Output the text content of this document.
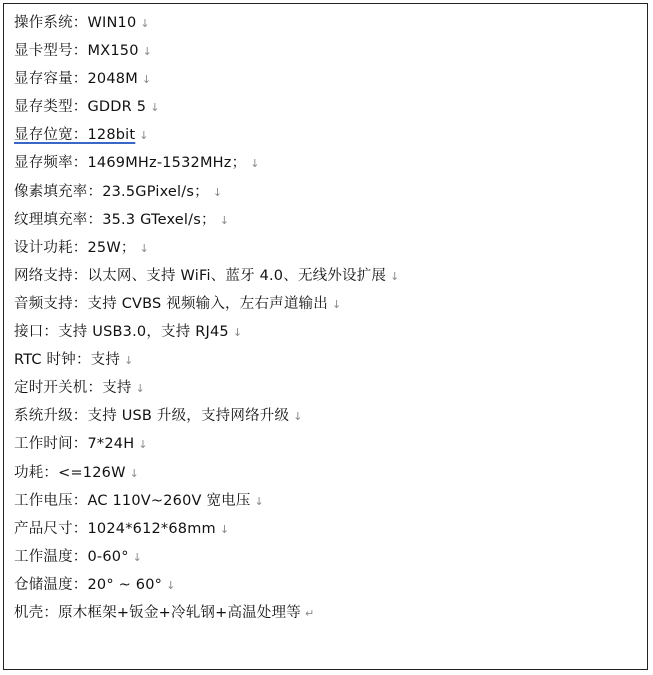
操作系统：WIN10 ↓
显卡型号：MX150 ↓
显存容量：2048M ↓
显存类型：GDDR 5 ↓
显存位宽：128bit ↓
显存频率：1469MHz-1532MHz； ↓
像素填充率：23.5GPixel/s； ↓
纹理填充率：35.3 GTexel/s； ↓
设计功耗：25W； ↓
网络支持：以太网、支持 WiFi、蓝牙 4.0、无线外设扩展 ↓
音频支持：支持 CVBS 视频输入，左右声道输出 ↓
接口：支持 USB3.0，支持 RJ45 ↓
RTC 时钟：支持 ↓
定时开关机：支持 ↓
系统升级：支持 USB 升级，支持网络升级 ↓
工作时间：7*24H ↓
功耗：<=126W ↓
工作电压：AC 110V~260V 宽电压 ↓
产品尺寸：1024*612*68mm ↓
工作温度：0-60° ↓
仓储温度：20° ~ 60° ↓
机壳：原木框架+钣金+冷轧钢+高温处理等 ↵
